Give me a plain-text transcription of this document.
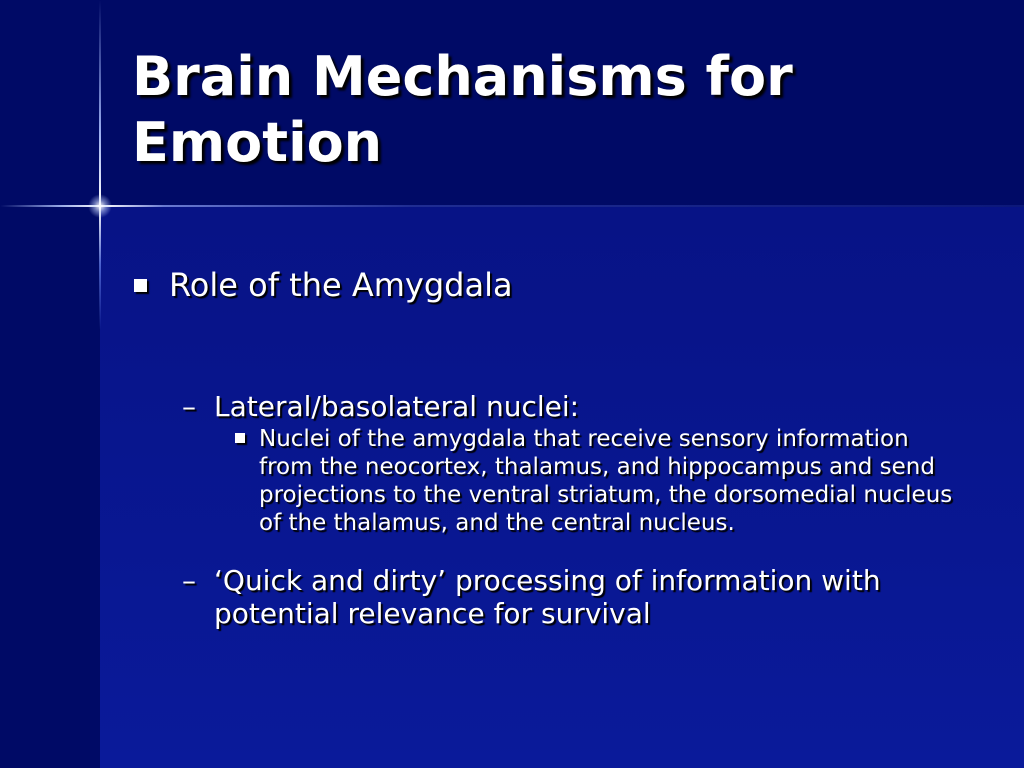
Brain Mechanisms for Emotion
Role of the Amygdala
– Lateral/basolateral nuclei:
Nuclei of the amygdala that receive sensory information from the neocortex, thalamus, and hippocampus and send projections to the ventral striatum, the dorsomedial nucleus of the thalamus, and the central nucleus.
– ‘Quick and dirty’ processing of information with potential relevance for survival
